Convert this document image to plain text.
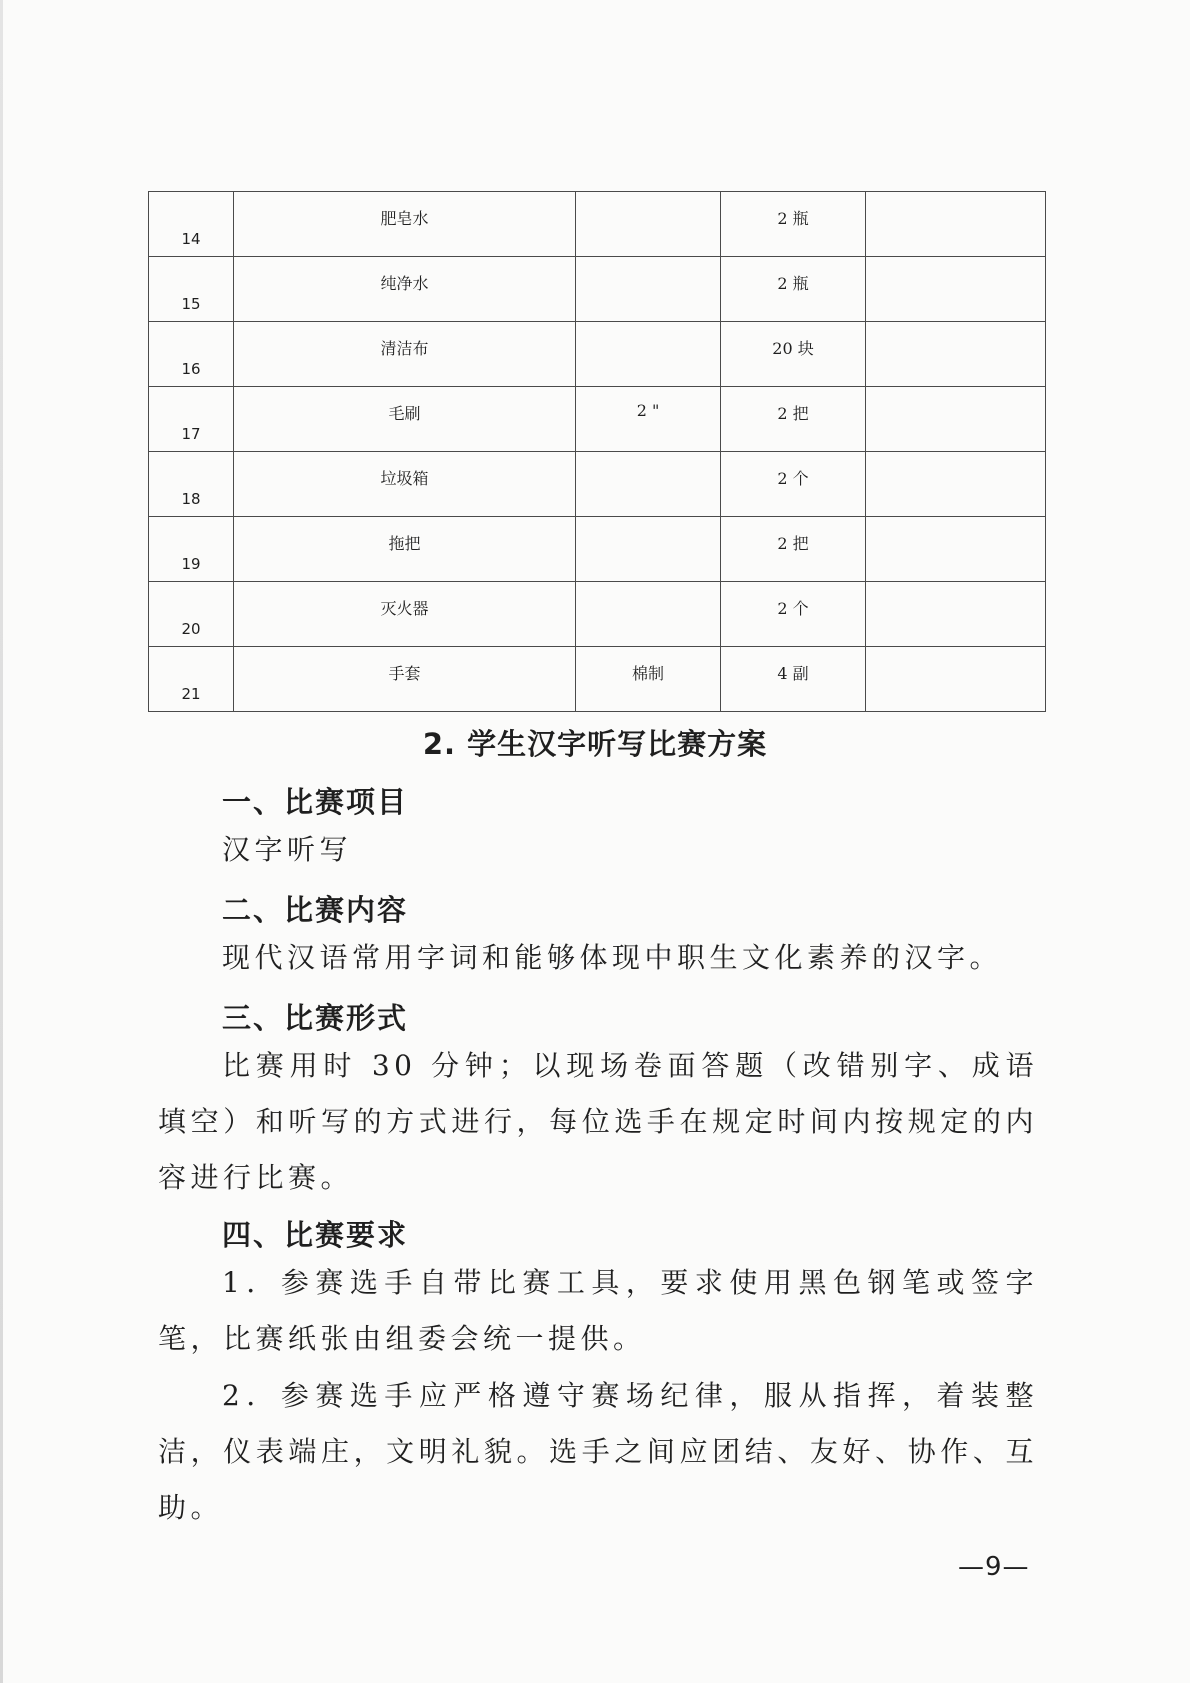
14	肥皂水		2 瓶	

15	纯净水		2 瓶	

16	清洁布		20 块	

17	毛刷	2 "	2 把	

18	垃圾箱		2 个	

19	拖把		2 把	

20	灭火器		2 个	

21	手套	棉制	4 副	

2. 学生汉字听写比赛方案
一、比赛项目

汉字听写

二、比赛内容

现代汉语常用字词和能够体现中职生文化素养的汉字。

三、比赛形式

比赛用时 30 分钟；以现场卷面答题（改错别字、成语填空）和听写的方式进行，每位选手在规定时间内按规定的内容进行比赛。

四、比赛要求

1．参赛选手自带比赛工具，要求使用黑色钢笔或签字笔，比赛纸张由组委会统一提供。

2．参赛选手应严格遵守赛场纪律，服从指挥，着装整洁，仪表端庄，文明礼貌。选手之间应团结、友好、协作、互助。

—9—
